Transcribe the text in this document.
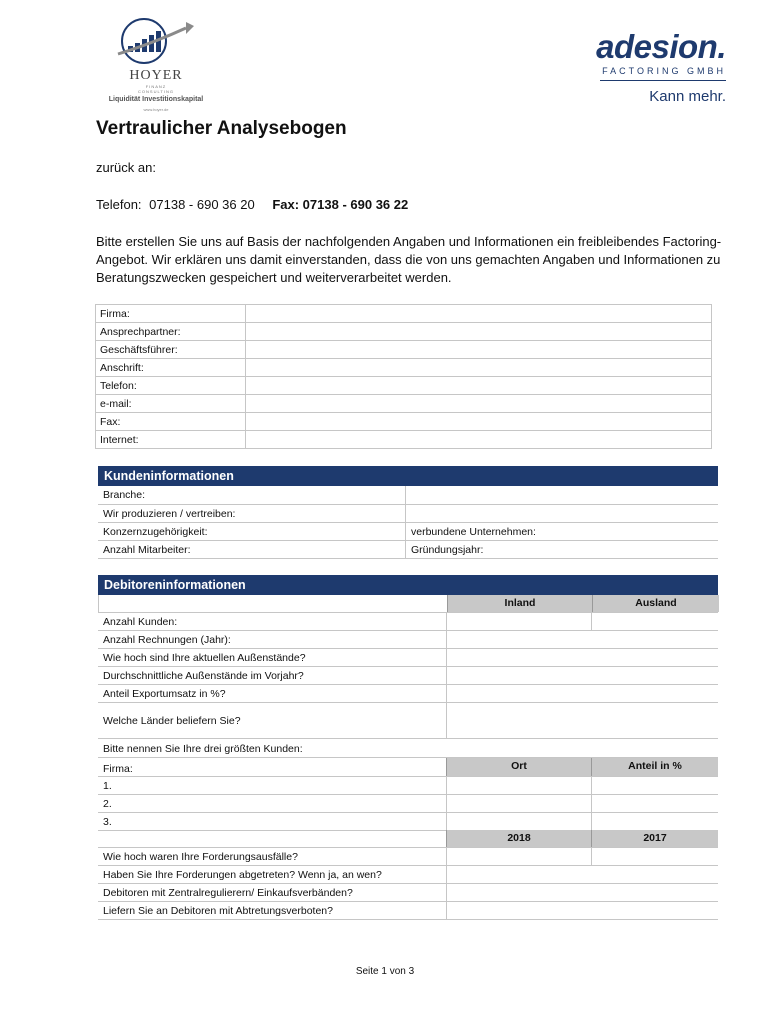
HOYER
FINANZ
CONSULTING
Liquidität Investitionskapital
www.hoyer.de
adesion.
FACTORING GMBH
Kann mehr.
Vertraulicher Analysebogen
zurück an:
Telefon: 07138 - 690 36 20 Fax: 07138 - 690 36 22

Bitte erstellen Sie uns auf Basis der nachfolgenden Angaben und Informationen ein freibleibendes Factoring-Angebot. Wir erklären uns damit einverstanden, dass die von uns gemachten Angaben und Informationen zu Beratungszwecken gespeichert und weiterverarbeitet werden.

Firma:	
Ansprechpartner:	
Geschäftsführer:	
Anschrift:	
Telefon:	
e-mail:	
Fax:	
Internet:	
Kundeninformationen
Branche:
Wir produzieren / vertreiben:
Konzernzugehörigkeit:	verbundene Unternehmen:
Anzahl Mitarbeiter:	Gründungsjahr:
Debitoreninformationen
Inland	Ausland
Anzahl Kunden:
Anzahl Rechnungen (Jahr):
Wie hoch sind Ihre aktuellen Außenstände?
Durchschnittliche Außenstände im Vorjahr?
Anteil Exportumsatz in %?
Welche Länder beliefern Sie?
Bitte nennen Sie Ihre drei größten Kunden:
Firma:	Ort	Anteil in %
1.
2.
3.
2018	2017
Wie hoch waren Ihre Forderungsausfälle?
Haben Sie Ihre Forderungen abgetreten? Wenn ja, an wen?
Debitoren mit Zentralregulierern/ Einkaufsverbänden?
Liefern Sie an Debitoren mit Abtretungsverboten?
Seite 1 von 3
